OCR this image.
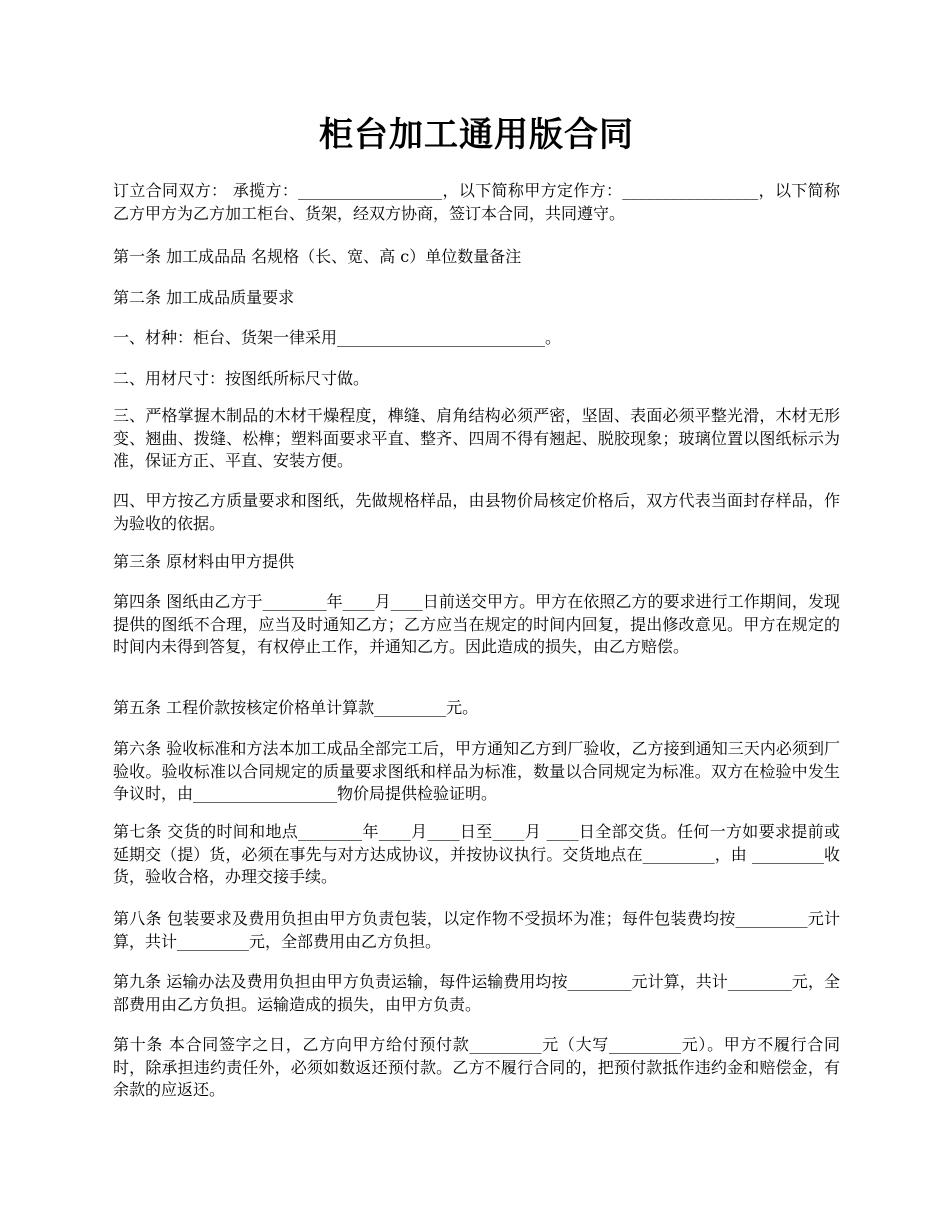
柜台加工通用版合同

订立合同双方： 承揽方：__________________，以下简称甲方定作方：_________________，以下简称乙方甲方为乙方加工柜台、货架，经双方协商，签订本合同，共同遵守。

第一条 加工成品品 名规格（长、宽、高 c）单位数量备注

第二条 加工成品质量要求

一、材种：柜台、货架一律采用__________________________。

二、用材尺寸：按图纸所标尺寸做。

三、严格掌握木制品的木材干燥程度，榫缝、肩角结构必须严密，坚固、表面必须平整光滑，木材无形变、翘曲、拨缝、松榫；塑料面要求平直、整齐、四周不得有翘起、脱胶现象；玻璃位置以图纸标示为准，保证方正、平直、安装方便。

四、甲方按乙方质量要求和图纸，先做规格样品，由县物价局核定价格后，双方代表当面封存样品，作为验收的依据。

第三条 原材料由甲方提供

第四条 图纸由乙方于________年____月____日前送交甲方。甲方在依照乙方的要求进行工作期间，发现提供的图纸不合理，应当及时通知乙方；乙方应当在规定的时间内回复，提出修改意见。甲方在规定的时间内未得到答复，有权停止工作，并通知乙方。因此造成的损失，由乙方赔偿。

第五条 工程价款按核定价格单计算款_________元。

第六条 验收标准和方法本加工成品全部完工后，甲方通知乙方到厂验收，乙方接到通知三天内必须到厂验收。验收标准以合同规定的质量要求图纸和样品为标准，数量以合同规定为标准。双方在检验中发生争议时，由__________________物价局提供检验证明。

第七条 交货的时间和地点________年____月____日至____月 ____日全部交货。任何一方如要求提前或延期交（提）货，必须在事先与对方达成协议，并按协议执行。交货地点在_________，由 _________收货，验收合格，办理交接手续。

第八条 包装要求及费用负担由甲方负责包装，以定作物不受损坏为准；每件包装费均按_________元计算，共计_________元，全部费用由乙方负担。

第九条 运输办法及费用负担由甲方负责运输，每件运输费用均按________元计算，共计________元，全部费用由乙方负担。运输造成的损失，由甲方负责。

第十条 本合同签字之日，乙方向甲方给付预付款_________元（大写_________元）。甲方不履行合同时，除承担违约责任外，必须如数返还预付款。乙方不履行合同的，把预付款抵作违约金和赔偿金，有余款的应返还。
